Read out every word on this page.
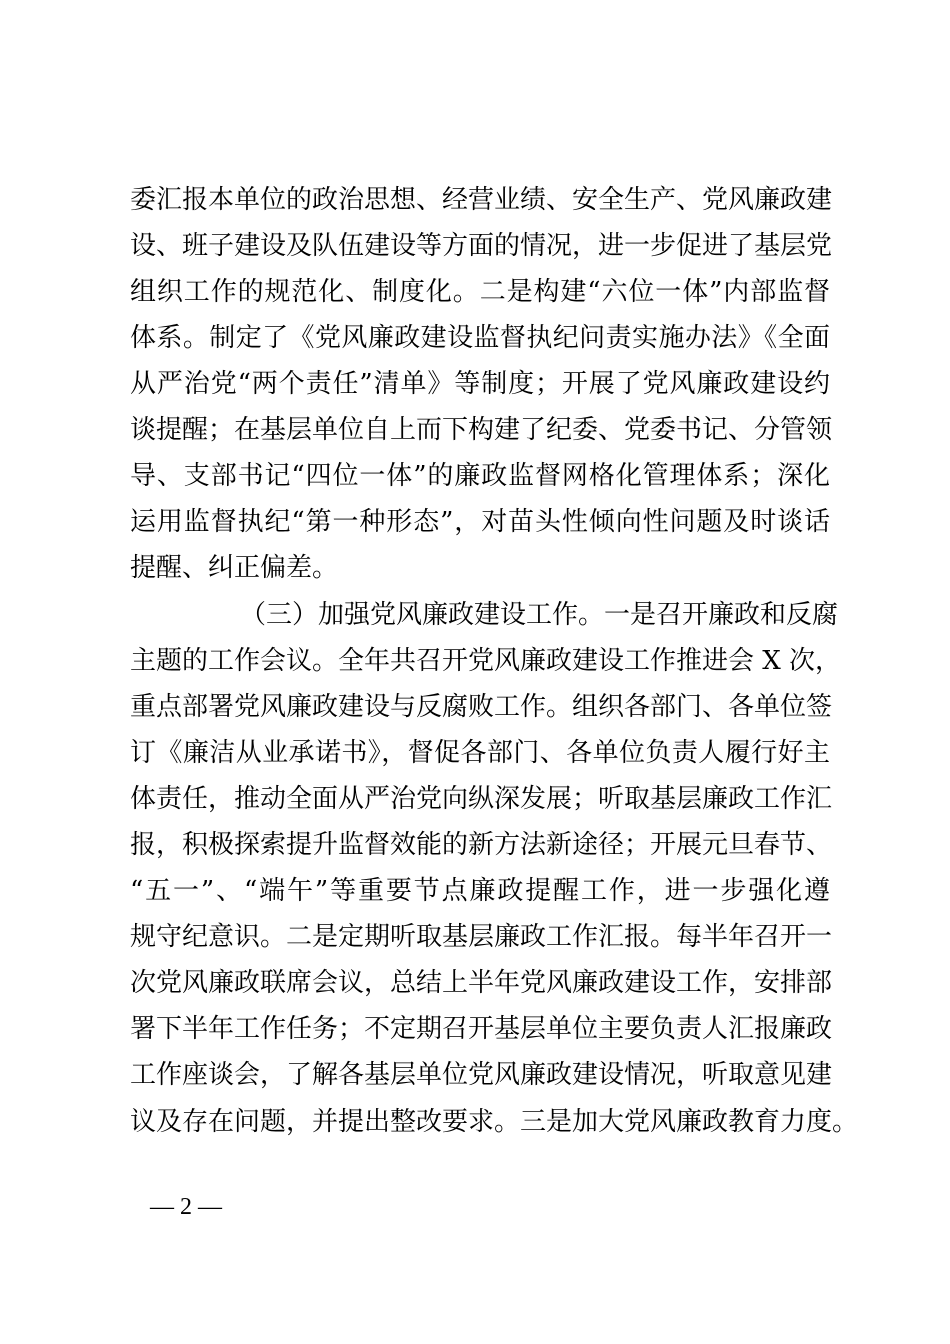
委汇报本单位的政治思想、经营业绩、安全生产、党风廉政建
设、班子建设及队伍建设等方面的情况，进一步促进了基层党
组织工作的规范化、制度化。二是构建“六位一体”内部监督
体系。制定了《党风廉政建设监督执纪问责实施办法》《全面
从严治党“两个责任”清单》等制度；开展了党风廉政建设约
谈提醒；在基层单位自上而下构建了纪委、党委书记、分管领
导、支部书记“四位一体”的廉政监督网格化管理体系；深化
运用监督执纪“第一种形态”，对苗头性倾向性问题及时谈话
提醒、纠正偏差。
（三）加强党风廉政建设工作。一是召开廉政和反腐
主题的工作会议。全年共召开党风廉政建设工作推进会 X 次，
重点部署党风廉政建设与反腐败工作。组织各部门、各单位签
订《廉洁从业承诺书》，督促各部门、各单位负责人履行好主
体责任，推动全面从严治党向纵深发展；听取基层廉政工作汇
报，积极探索提升监督效能的新方法新途径；开展元旦春节、
“五一”、“端午”等重要节点廉政提醒工作，进一步强化遵
规守纪意识。二是定期听取基层廉政工作汇报。每半年召开一
次党风廉政联席会议，总结上半年党风廉政建设工作，安排部
署下半年工作任务；不定期召开基层单位主要负责人汇报廉政
工作座谈会，了解各基层单位党风廉政建设情况，听取意见建
议及存在问题，并提出整改要求。三是加大党风廉政教育力度。
— 2 —
